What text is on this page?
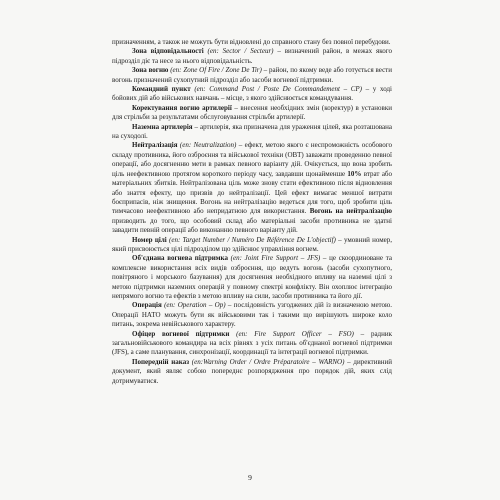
призначенням, а також не можуть бути відновлені до справного стану без повної перебудови.

Зона відповідальності (en: Sector / Secteur) – визначений район, в межах якого підрозділ діє та несе за нього відповідальність.

Зона вогню (en: Zone Of Fire / Zone De Tir) – район, по якому веде або готується вести вогонь призначений сухопутний підрозділ або засоби вогневої підтримки.

Командний пункт (en: Command Post / Poste De Commandement – CP) – у ході бойових дій або військових навчань – місце, з якого здійснюється командування.

Коректування вогню артилерії – внесення необхідних змін (коректур) в установки для стрільби за результатами обслуговування стрільби артилерії.

Наземна артилерія – артилерія, яка призначена для ураження цілей, яка розташована на суходолі.

Нейтралізація (en: Neutralization) – ефект, метою якого є неспроможність особового складу противника, його озброєння та військової техніки (ОВТ) заважати проведенню певної операції, або досягненню мети в рамках певного варіанту дій. Очікується, що вона зробить ціль неефективною протягом короткого періоду часу, завдавши щонайменше 10% втрат або матеріальних збитків. Нейтралізована ціль може знову стати ефективною після відновлення або знаття ефекту, що призвів до нейтралізації. Цей ефект вимагає меншої витрати боєприпасів, ніж знищення. Вогонь на нейтралізацію ведеться для того, щоб зробити ціль тимчасово неефективною або непридатною для використання. Вогонь на нейтралізацію призводить до того, що особовий склад або матеріальні засоби противника не здатні завадити певній операції або виконанню певного варіанту дій.

Номер цілі (en: Target Number / Numéro De Référence De L'objectif) – умовний номер, який присвоюється цілі підрозділом що здійснює управління вогнем.

Об'єднана вогнева підтримка (en: Joint Fire Support – JFS) – це скоординоване та комплексне використання всіх видів озброєння, що ведуть вогонь (засоби сухопутного, повітряного і морського базування) для досягнення необхідного впливу на наземні цілі з метою підтримки наземних операцій у повному спектрі конфлікту. Він охоплює інтеграцію непрямого вогню та ефектів з метою впливу на сили, засоби противника та його дії.

Операція (en: Operation – Op) – послідовність узгоджених дій із визначеною метою. Операції НАТО можуть бути як військовими так і такими що вирішують широке коло питань, зокрема невійськового характеру.

Офіцер вогневої підтримки (en: Fire Support Officer – FSO) – радник загальновійськового командира на всіх рівнях з усіх питань об'єднаної вогневої підтримки (JFS), а саме планування, синхронізації, координації та інтеграції вогневої підтримки.

Попередній наказ (en:Warning Order / Ordre Préparatoire – WARNO) – директивний документ, який являє собою попереднє розпорядження про порядок дій, яких слід дотримуватися.

9
